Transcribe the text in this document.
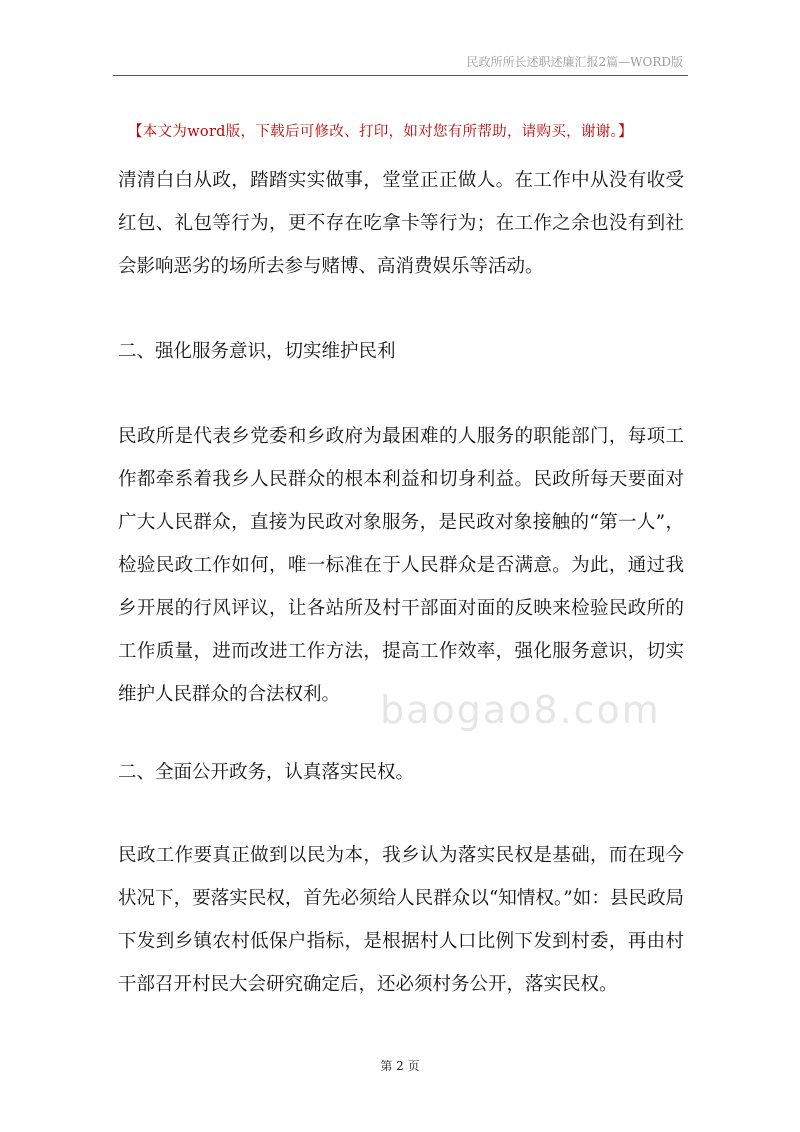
民政所所长述职述廉汇报2篇—WORD版
【本文为word版，下载后可修改、打印，如对您有所帮助，请购买，谢谢。】

清清白白从政，踏踏实实做事，堂堂正正做人。在工作中从没有收受红包、礼包等行为，更不存在吃拿卡等行为；在工作之余也没有到社会影响恶劣的场所去参与赌博、高消费娱乐等活动。

二、强化服务意识，切实维护民利

baogao8.com

民政所是代表乡党委和乡政府为最困难的人服务的职能部门，每项工作都牵系着我乡人民群众的根本利益和切身利益。民政所每天要面对广大人民群众，直接为民政对象服务，是民政对象接触的“第一人”，检验民政工作如何，唯一标准在于人民群众是否满意。为此，通过我乡开展的行风评议，让各站所及村干部面对面的反映来检验民政所的工作质量，进而改进工作方法，提高工作效率，强化服务意识，切实维护人民群众的合法权利。

二、全面公开政务，认真落实民权。

民政工作要真正做到以民为本，我乡认为落实民权是基础，而在现今状况下，要落实民权，首先必须给人民群众以“知情权。”如：县民政局下发到乡镇农村低保户指标，是根据村人口比例下发到村委，再由村干部召开村民大会研究确定后，还必须村务公开，落实民权。

第 2 页
